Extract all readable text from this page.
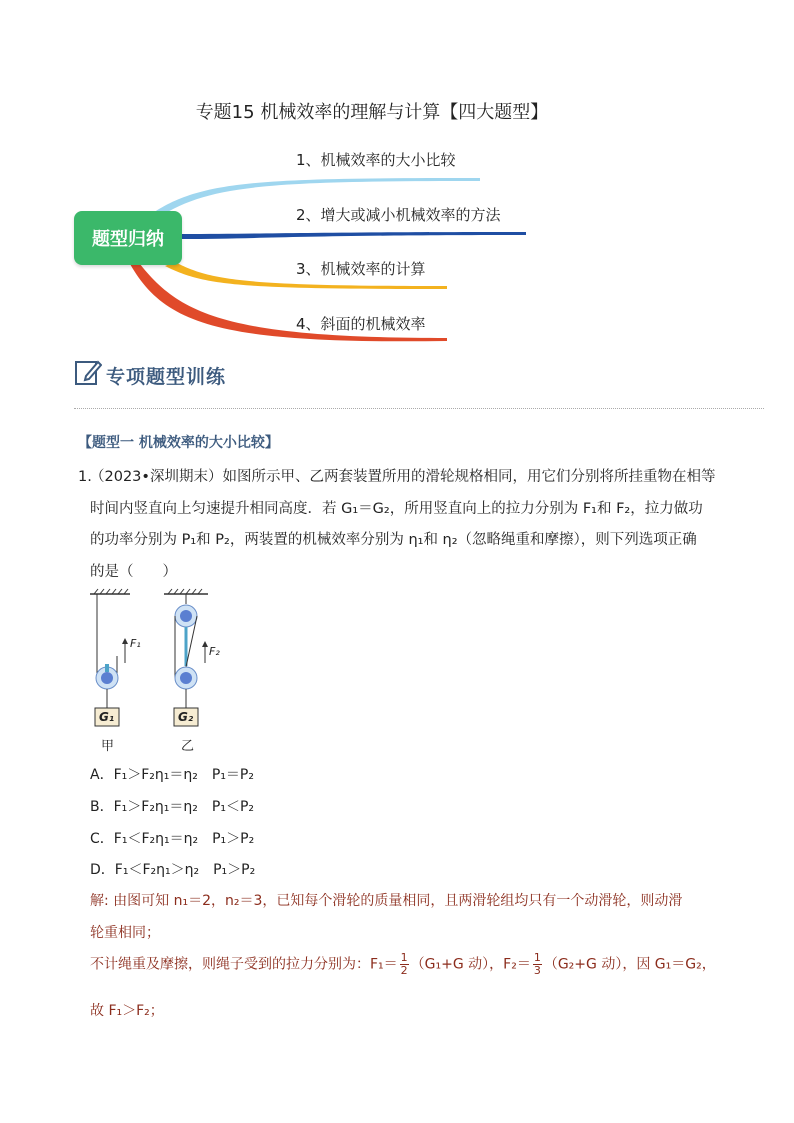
专题15 机械效率的理解与计算【四大题型】
题型归纳
1、机械效率的大小比较
2、增大或减小机械效率的方法
3、机械效率的计算
4、斜面的机械效率
专项题型训练
【题型一 机械效率的大小比较】
1.
（2023•深圳期末）如图所示甲、乙两套装置所用的滑轮规格相同，用它们分别将所挂重物在相等
时间内竖直向上匀速提升相同高度．若 G₁＝G₂，所用竖直向上的拉力分别为 F₁和 F₂，拉力做功
的功率分别为 P₁和 P₂，两装置的机械效率分别为 η₁和 η₂（忽略绳重和摩擦），则下列选项正确
的是（　　）
F₁
F₂
G₁	G₂
甲	乙
A．F₁＞F₂η₁＝η₂　P₁＝P₂
B．F₁＞F₂η₁＝η₂　P₁＜P₂
C．F₁＜F₂η₁＝η₂　P₁＞P₂
D．F₁＜F₂η₁＞η₂　P₁＞P₂
解: 由图可知 n₁＝2，n₂＝3，已知每个滑轮的质量相同，且两滑轮组均只有一个动滑轮，则动滑
轮重相同；
不计绳重及摩擦，则绳子受到的拉力分别为：$F_1= \frac{1}{2} (G_1+G$ 动），$F_2= \frac{1}{3} (G_2+G$ 动），因 G₁＝G₂，
故 F₁＞F₂；
